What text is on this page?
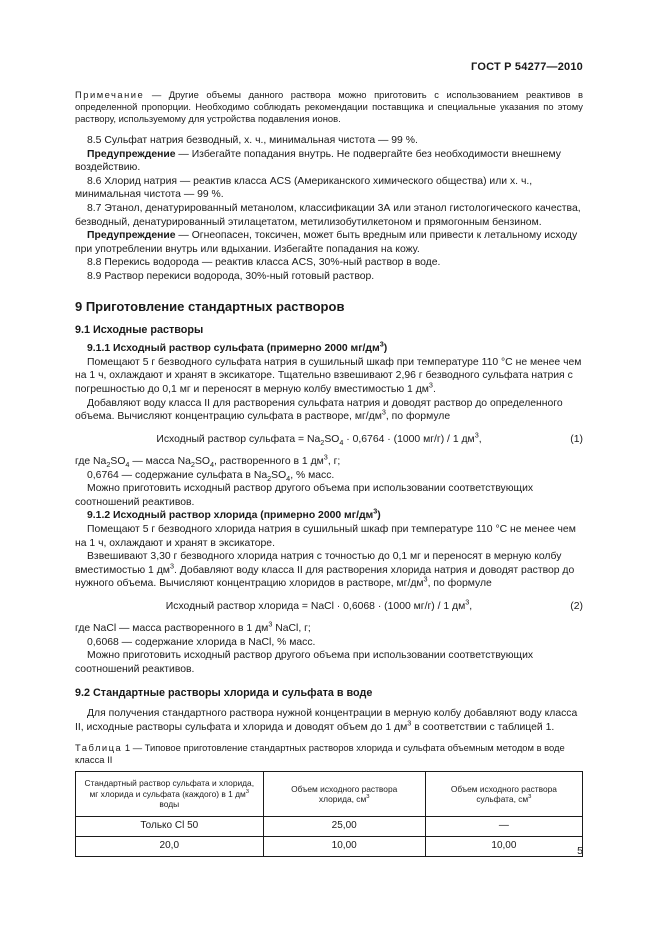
ГОСТ Р 54277—2010

Примечание — Другие объемы данного раствора можно приготовить с использованием реактивов в определенной пропорции. Необходимо соблюдать рекомендации поставщика и специальные указания по этому раствору, используемому для устройства подавления ионов.

8.5 Сульфат натрия безводный, х. ч., минимальная чистота — 99 %.

Предупреждение — Избегайте попадания внутрь. Не подвергайте без необходимости внешнему воздействию.

8.6 Хлорид натрия — реактив класса ACS (Американского химического общества) или х. ч., минимальная чистота — 99 %.

8.7 Этанол, денатурированный метанолом, классификации 3А или этанол гистологического качества, безводный, денатурированный этилацетатом, метилизобутилкетоном и прямогонным бензином.

Предупреждение — Огнеопасен, токсичен, может быть вредным или привести к летальному исходу при употреблении внутрь или вдыхании. Избегайте попадания на кожу.

8.8 Перекись водорода — реактив класса ACS, 30%-ный раствор в воде.

8.9 Раствор перекиси водорода, 30%-ный готовый раствор.

9 Приготовление стандартных растворов
9.1 Исходные растворы

9.1.1 Исходный раствор сульфата (примерно 2000 $мг/дм^3$)

Помещают 5 г безводного сульфата натрия в сушильный шкаф при температуре 110 °С не менее чем на 1 ч, охлаждают и хранят в эксикаторе. Тщательно взвешивают 2,96 г безводного сульфата натрия с погрешностью до 0,1 мг и переносят в мерную колбу вместимостью 1 $дм^3$.

Добавляют воду класса II для растворения сульфата натрия и доводят раствор до определенного объема. Вычисляют концентрацию сульфата в растворе, $мг/дм^3$, по формуле

Исходный раствор сульфата = $Na_2SO_4 \cdot 0,6764 \cdot (1000$ мг/г) / 1 $дм^3$,	(1)

где $Na_2SO_4$ — масса $Na_2SO_4$, растворенного в 1 $дм^3$, г;

0,6764 — содержание сульфата в $Na_2SO_4$, % масс.

Можно приготовить исходный раствор другого объема при использовании соответствующих соотношений реактивов.

9.1.2 Исходный раствор хлорида (примерно 2000 $мг/дм^3$)

Помещают 5 г безводного хлорида натрия в сушильный шкаф при температуре 110 °С не менее чем на 1 ч, охлаждают и хранят в эксикаторе.

Взвешивают 3,30 г безводного хлорида натрия с точностью до 0,1 мг и переносят в мерную колбу вместимостью 1 $дм^3$. Добавляют воду класса II для растворения хлорида натрия и доводят раствор до нужного объема. Вычисляют концентрацию хлоридов в растворе, $мг/дм^3$, по формуле

Исходный раствор хлорида = NaCl · 0,6068 · (1000 мг/г) / 1 $дм^3$,	(2)

где NaCl — масса растворенного в 1 $дм^3$ NaCl, г;

0,6068 — содержание хлорида в NaCl, % масс.

Можно приготовить исходный раствор другого объема при использовании соответствующих соотношений реактивов.

9.2 Стандартные растворы хлорида и сульфата в воде

Для получения стандартного раствора нужной концентрации в мерную колбу добавляют воду класса II, исходные растворы сульфата и хлорида и доводят объем до 1 $дм^3$ в соответствии с таблицей 1.

Таблица 1 — Типовое приготовление стандартных растворов хлорида и сульфата объемным методом в воде класса II

Стандартный раствор сульфата и хлорида,
мг хлорида и сульфата (каждого) в 1 $дм^3$ воды	Объем исходного раствора
хлорида, $см^3$	Объем исходного раствора
сульфата, $см^3$
Только Cl 50	25,00	—
20,0	10,00	10,00	5
